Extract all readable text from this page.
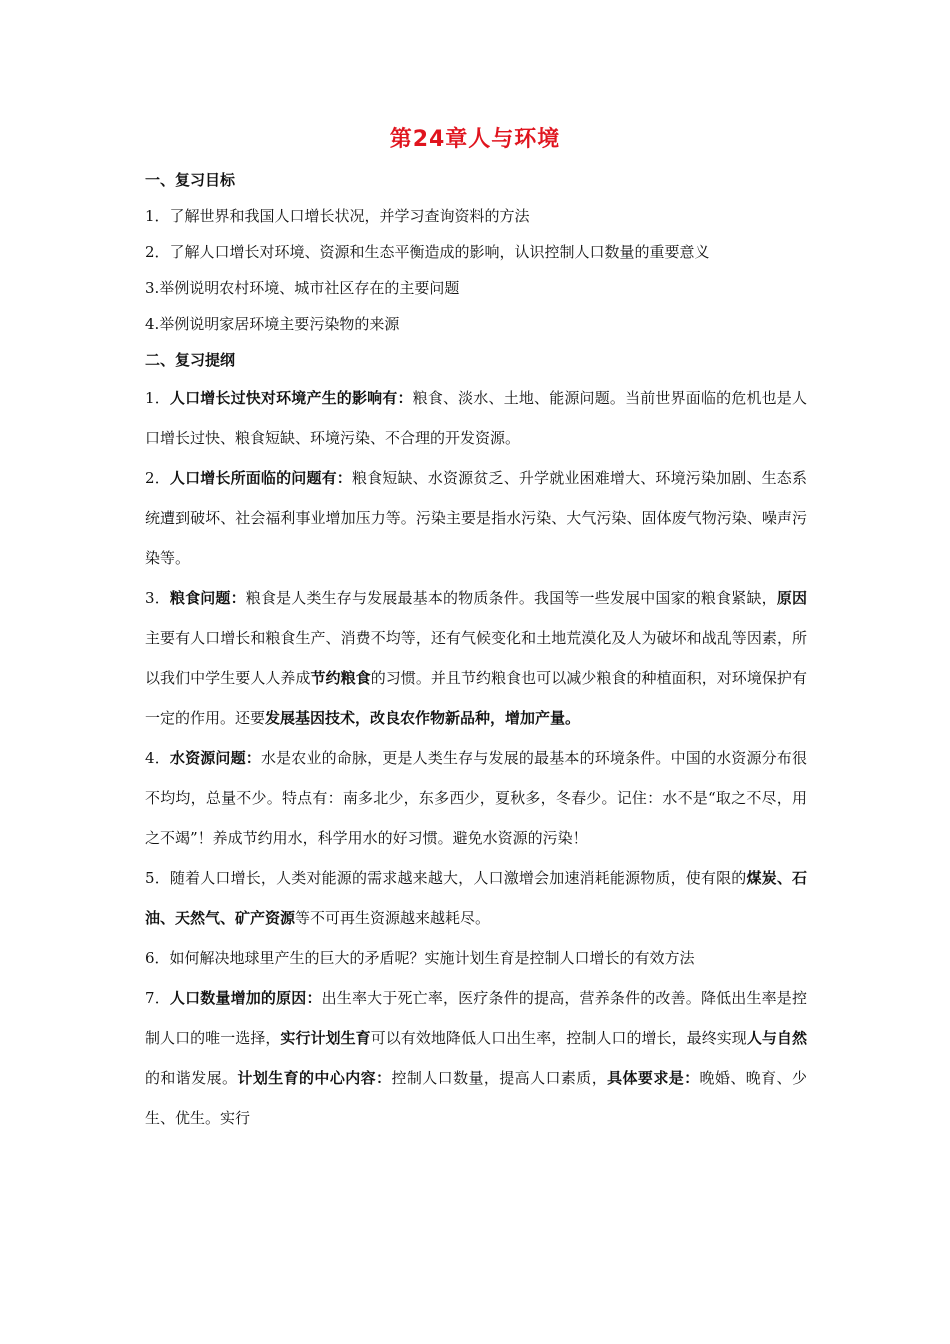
第24章人与环境

一、复习目标

1．了解世界和我国人口增长状况，并学习查询资料的方法

2．了解人口增长对环境、资源和生态平衡造成的影响，认识控制人口数量的重要意义

3.举例说明农村环境、城市社区存在的主要问题

4.举例说明家居环境主要污染物的来源

二、复习提纲

1．人口增长过快对环境产生的影响有：粮食、淡水、土地、能源问题。当前世界面临的危机也是人口增长过快、粮食短缺、环境污染、不合理的开发资源。

2．人口增长所面临的问题有：粮食短缺、水资源贫乏、升学就业困难增大、环境污染加剧、生态系统遭到破坏、社会福利事业增加压力等。污染主要是指水污染、大气污染、固体废气物污染、噪声污染等。

3．粮食问题：粮食是人类生存与发展最基本的物质条件。我国等一些发展中国家的粮食紧缺，原因主要有人口增长和粮食生产、消费不均等，还有气候变化和土地荒漠化及人为破坏和战乱等因素，所以我们中学生要人人养成节约粮食的习惯。并且节约粮食也可以减少粮食的种植面积，对环境保护有一定的作用。还要发展基因技术，改良农作物新品种，增加产量。

4．水资源问题：水是农业的命脉，更是人类生存与发展的最基本的环境条件。中国的水资源分布很不均均，总量不少。特点有：南多北少，东多西少，夏秋多，冬春少。记住：水不是“取之不尽，用之不竭”！养成节约用水，科学用水的好习惯。避免水资源的污染！

5．随着人口增长，人类对能源的需求越来越大，人口激增会加速消耗能源物质，使有限的煤炭、石油、天然气、矿产资源等不可再生资源越来越耗尽。

6．如何解决地球里产生的巨大的矛盾呢？实施计划生育是控制人口增长的有效方法

7．人口数量增加的原因：出生率大于死亡率，医疗条件的提高，营养条件的改善。降低出生率是控制人口的唯一选择，实行计划生育可以有效地降低人口出生率，控制人口的增长，最终实现人与自然的和谐发展。计划生育的中心内容：控制人口数量，提高人口素质，具体要求是：晚婚、晚育、少生、优生。实行
